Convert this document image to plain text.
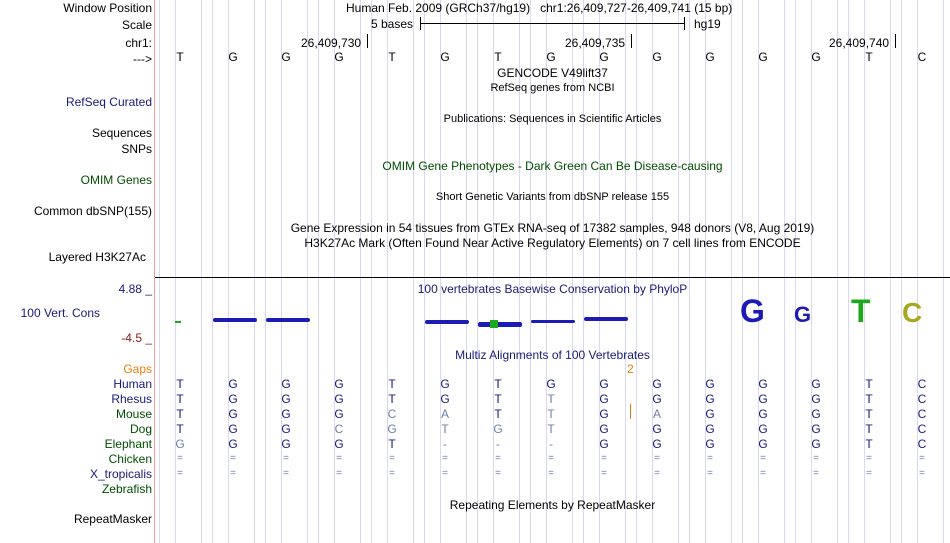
Window Position	Human Feb. 2009 (GRCh37/hg19)   chr1:26,409,727-26,409,741 (15 bp)
Scale	5 bases	hg19
chr1:	26,409,730	26,409,735	26,409,740
--->	T	G	G	G	T	G	T	G	G	G	G	G	G	T	C
GENCODE V49lift37
RefSeq genes from NCBI
RefSeq Curated
Publications: Sequences in Scientific Articles
Sequences
SNPs
OMIM Gene Phenotypes - Dark Green Can Be Disease-causing
OMIM Genes
Short Genetic Variants from dbSNP release 155
Common dbSNP(155)
Gene Expression in 54 tissues from GTEx RNA-seq of 17382 samples, 948 donors (V8, Aug 2019)
H3K27Ac Mark (Often Found Near Active Regulatory Elements) on 7 cell lines from ENCODE
Layered H3K27Ac
4.88 _	100 vertebrates Basewise Conservation by PhyloP
100 Vert. Cons
-4.5 _
G G T C
Multiz Alignments of 100 Vertebrates
Gaps	2
Human	T	G	G	G	T	G	T	G	G	G	G	G	G	T	C
Rhesus	T	G	G	G	T	G	T	T	G	G	G	G	G	T	C
Mouse	T	G	G	G	C	A	T	T	G	A	G	G	G	T	C
Dog	T	G	G	C	G	T	G	T	G	G	G	G	G	T	C
Elephant	G	G	G	G	T	-	-	-	G	G	G	G	G	T	C
Chicken	=	=	=	=	=	=	=	=	=	=	=	=	=	=	=
X_tropicalis	=	=	=	=	=	=	=	=	=	=	=	=	=	=	=
Zebrafish
Repeating Elements by RepeatMasker
RepeatMasker
